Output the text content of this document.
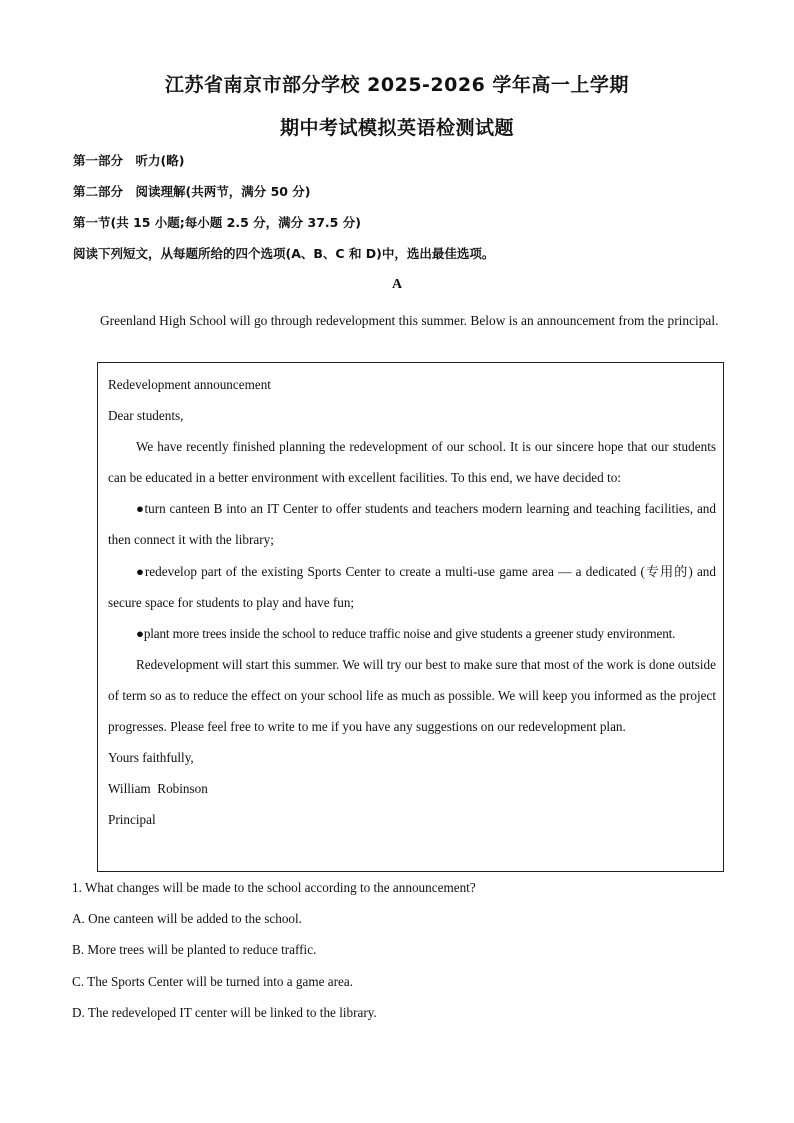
江苏省南京市部分学校 2025-2026 学年高一上学期
期中考试模拟英语检测试题
第一部分　听力(略)
第二部分　阅读理解(共两节，满分 50 分)
第一节(共 15 小题;每小题 2.5 分，满分 37.5 分)
阅读下列短文，从每题所给的四个选项(A、B、C 和 D)中，选出最佳选项。
A
Greenland High School will go through redevelopment this summer. Below is an announcement from the principal.

Redevelopment announcement

Dear students,

We have recently finished planning the redevelopment of our school. It is our sincere hope that our students can be educated in a better environment with excellent facilities. To this end, we have decided to:

●turn canteen B into an IT Center to offer students and teachers modern learning and teaching facilities, and then connect it with the library;

●redevelop part of the existing Sports Center to create a multi-use game area — a dedicated (专用的) and secure space for students to play and have fun;

●plant more trees inside the school to reduce traffic noise and give students a greener study environment.

Redevelopment will start this summer. We will try our best to make sure that most of the work is done outside of term so as to reduce the effect on your school life as much as possible. We will keep you informed as the project progresses. Please feel free to write to me if you have any suggestions on our redevelopment plan.

Yours faithfully,

William  Robinson

Principal

1. What changes will be made to the school according to the announcement?
A. One canteen will be added to the school.
B. More trees will be planted to reduce traffic.
C. The Sports Center will be turned into a game area.
D. The redeveloped IT center will be linked to the library.
